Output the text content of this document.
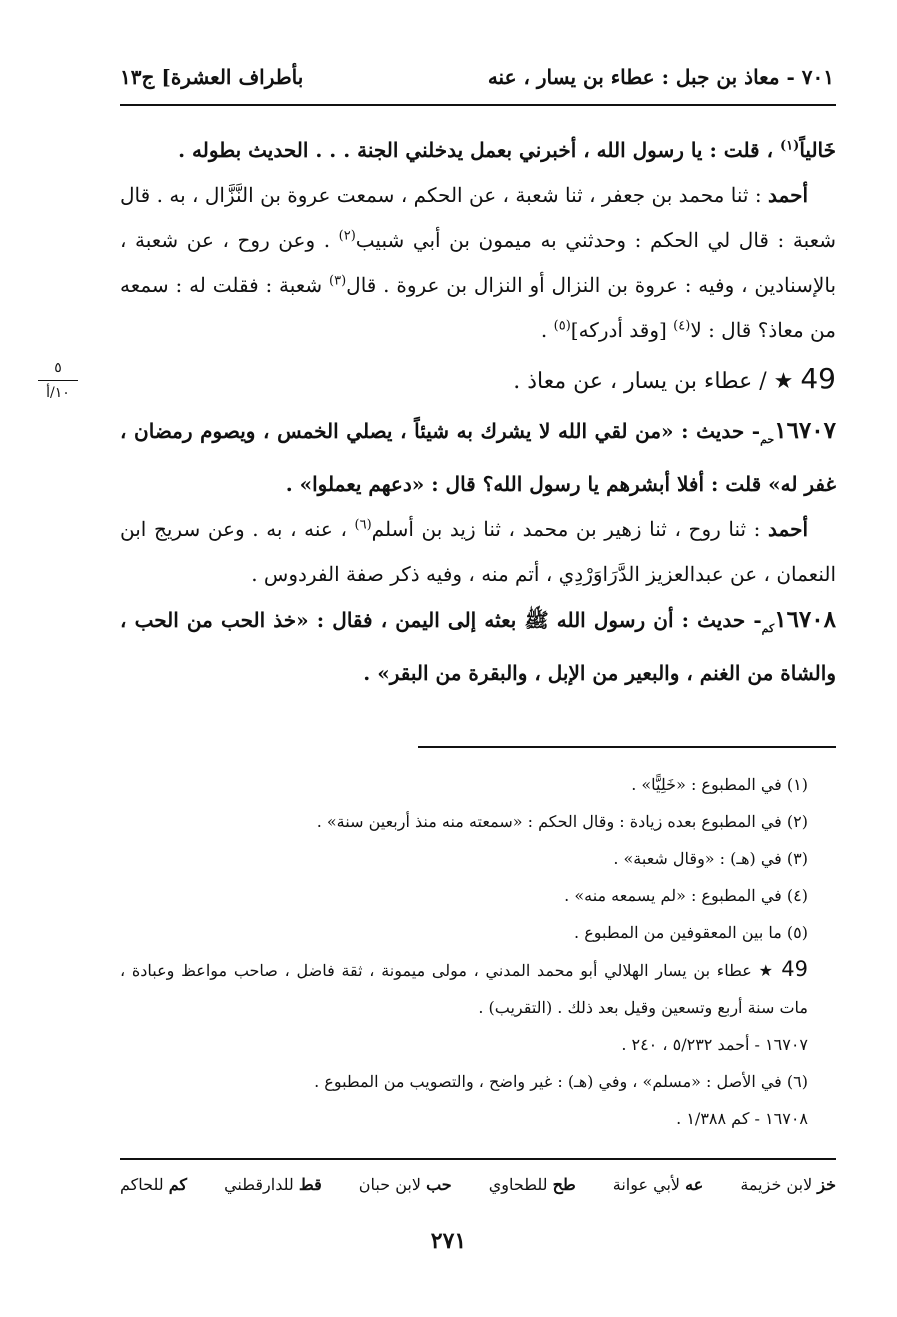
بأطراف العشرة] ج١٣	٧٠١ - معاذ بن جبل : عطاء بن يسار ، عنه
٥
١٠/أ

خَالياً$^{(١)}$ ، قلت : يا رسول الله ، أخبرني بعمل يدخلني الجنة . . . الحديث بطوله .

أحمد : ثنا محمد بن جعفر ، ثنا شعبة ، عن الحكم ، سمعت عروة بن النَّزَّال ، به . قال شعبة : قال لي الحكم : وحدثني به ميمون بن أبي شبيب$^{(٢)}$ . وعن روح ، عن شعبة ، بالإسنادين ، وفيه : عروة بن النزال أو النزال بن عروة . قال$^{(٣)}$ شعبة : فقلت له : سمعه من معاذ؟ قال : لا$^{(٤)}$ [وقد أدركه]$^{(٥)}$ .

49 ★ / عطاء بن يسار ، عن معاذ .

$١٦٧٠٧_{حم}-$ حديث : «من لقي الله لا يشرك به شيئاً ، يصلي الخمس ، ويصوم رمضان ، غفر له» قلت : أفلا أبشرهم يا رسول الله؟ قال : «دعهم يعملوا» .

أحمد : ثنا روح ، ثنا زهير بن محمد ، ثنا زيد بن أسلم$^{(٦)}$ ، عنه ، به . وعن سريج ابن النعمان ، عن عبدالعزيز الدَّرَاوَرْدِي ، أتم منه ، وفيه ذكر صفة الفردوس .

$١٦٧٠٨_{كم}-$ حديث : أن رسول الله ﷺ بعثه إلى اليمن ، فقال : «خذ الحب من الحب ، والشاة من الغنم ، والبعير من الإبل ، والبقرة من البقر» .

(١) في المطبوع : «خَلِيًّا» .

(٢) في المطبوع بعده زيادة : وقال الحكم : «سمعته منه منذ أربعين سنة» .

(٣) في (هـ) : «وقال شعبة» .

(٤) في المطبوع : «لم يسمعه منه» .

(٥) ما بين المعقوفين من المطبوع .

49 ★ عطاء بن يسار الهلالي أبو محمد المدني ، مولى ميمونة ، ثقة فاضل ، صاحب مواعظ وعبادة ، مات سنة أربع وتسعين وقيل بعد ذلك . (التقريب) .

١٦٧٠٧ - أحمد ٥/٢٣٢ ، ٢٤٠ .

(٦) في الأصل : «مسلم» ، وفي (هـ) : غير واضح ، والتصويب من المطبوع .

١٦٧٠٨ - كم ١/٣٨٨ .

خز لابن خزيمة
عه لأبي عوانة
طح للطحاوي
حب لابن حبان
قط للدارقطني
كم للحاكم
٢٧١
